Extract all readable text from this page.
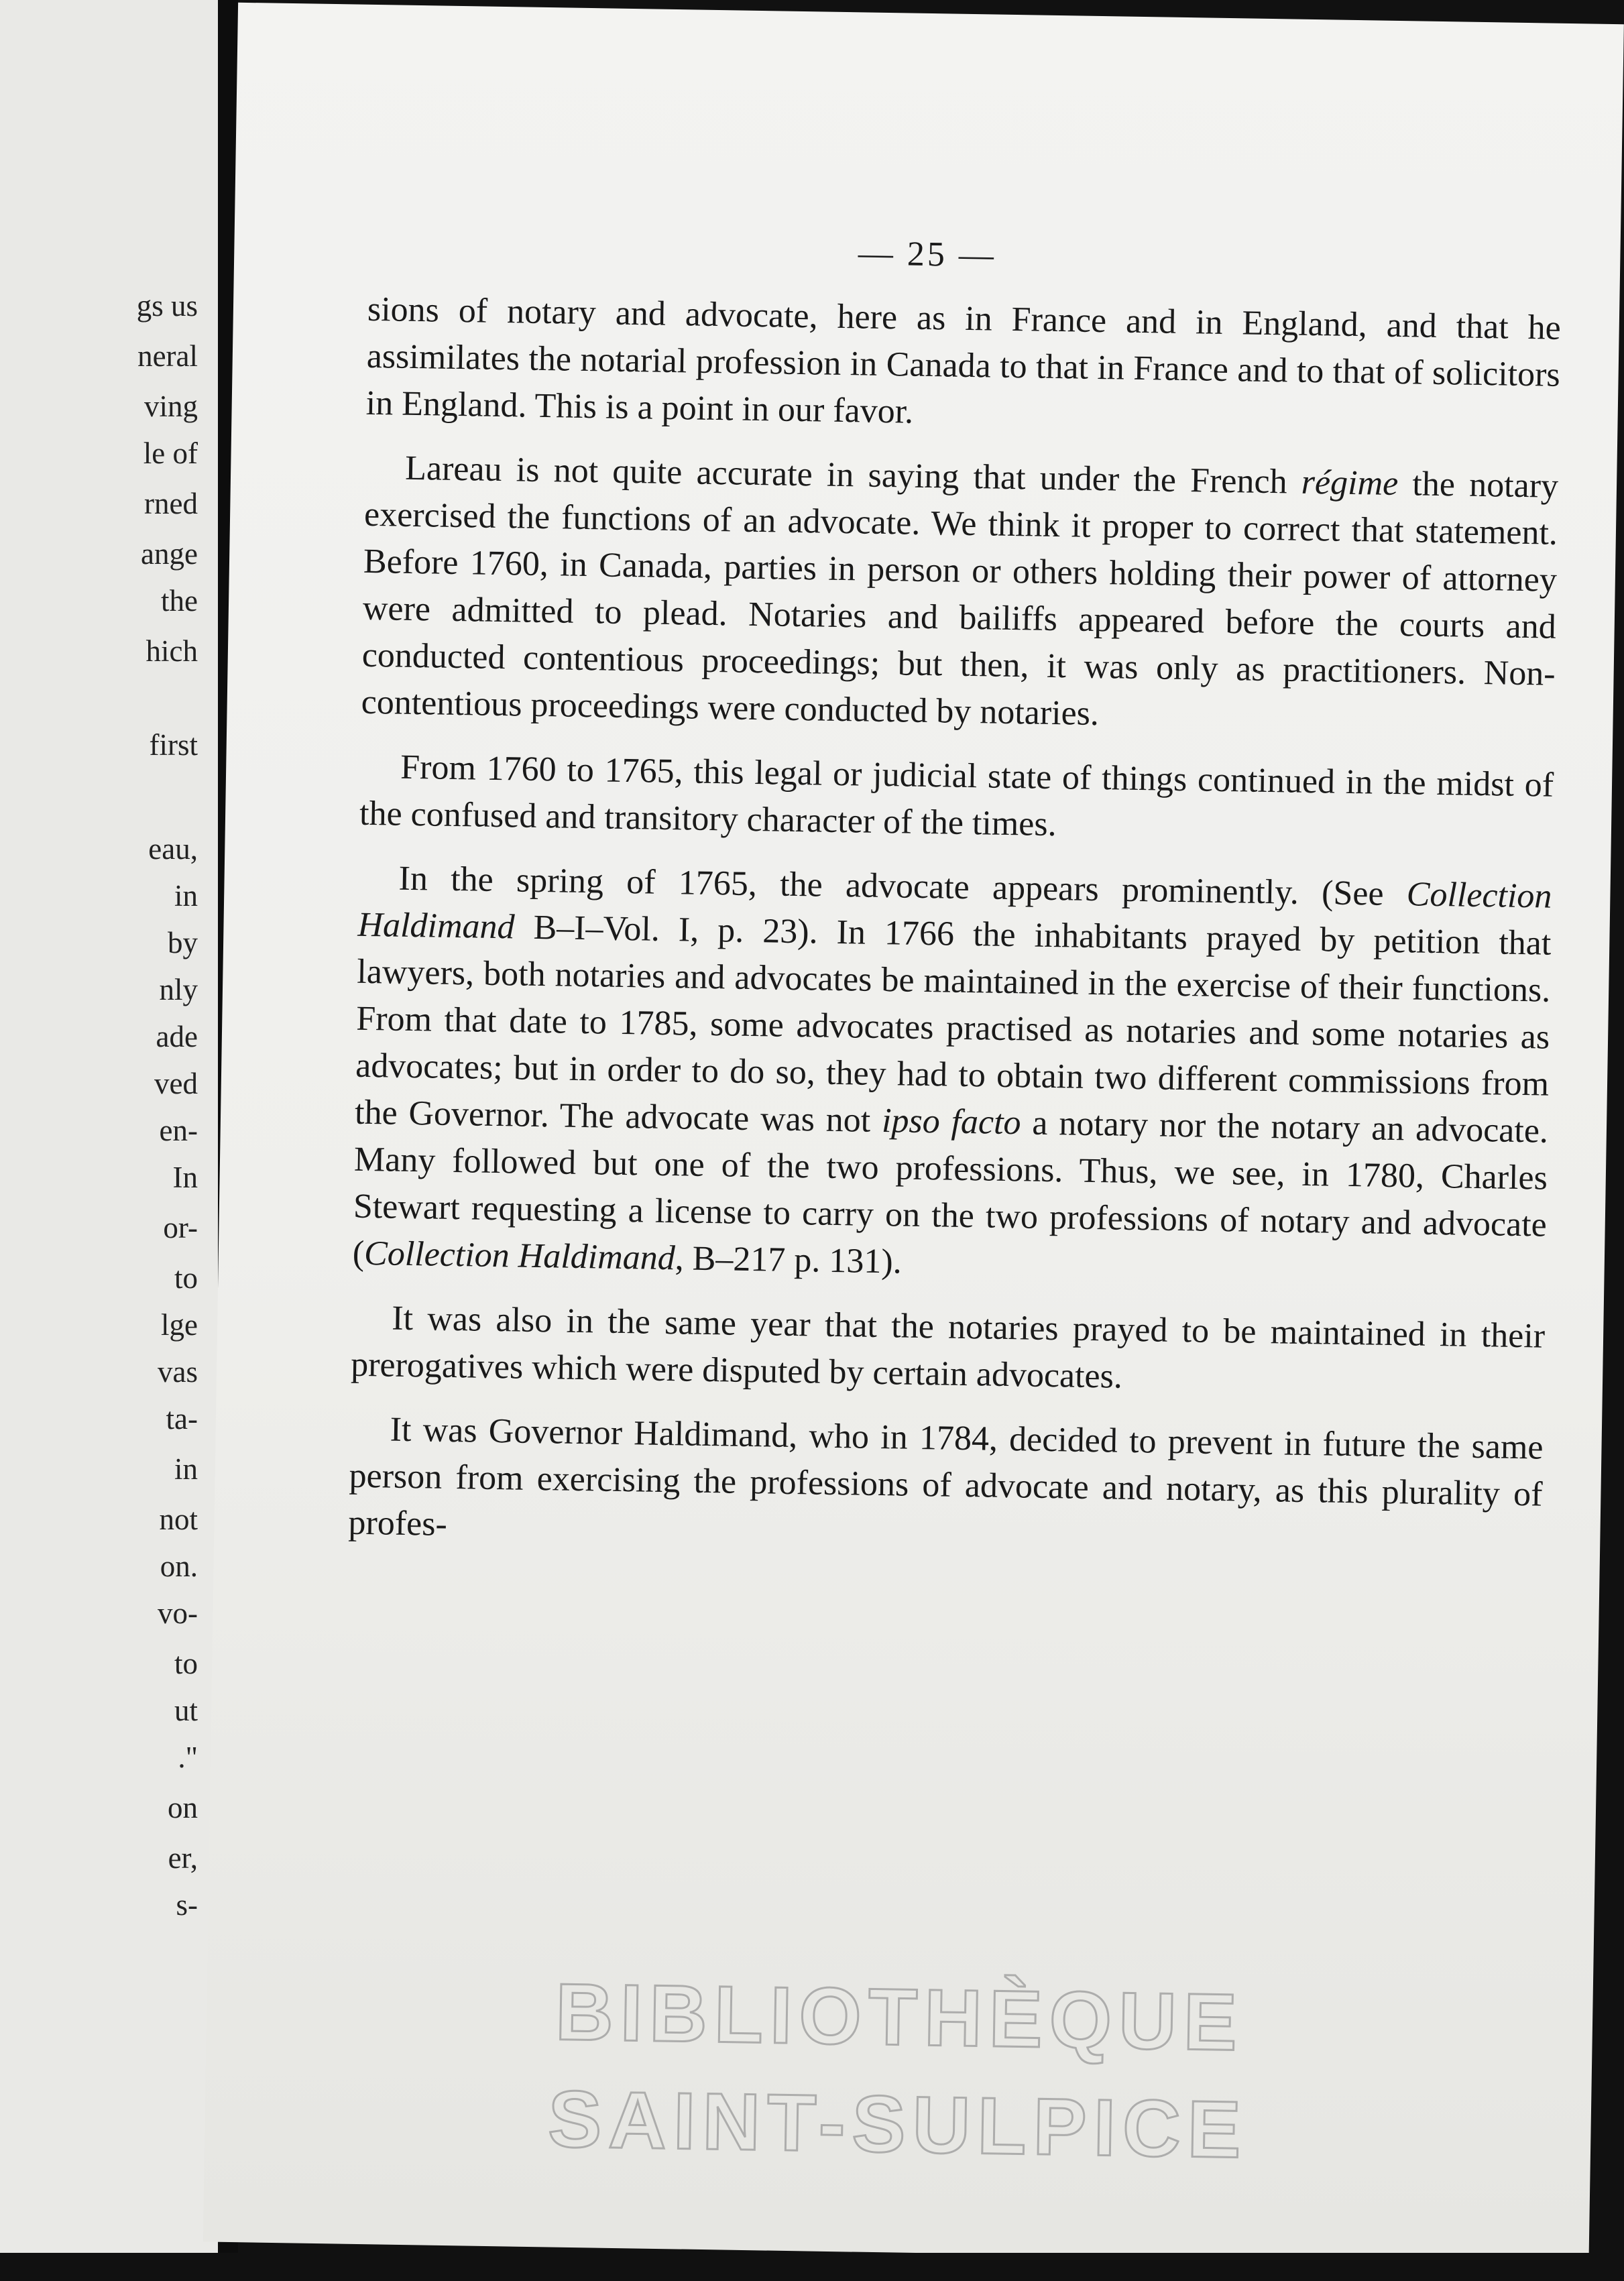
gs us
neral
ving
le of
rned
ange
the
hich
first
eau,
in
by
nly
ade
ved
en-
In
or-
to
lge
vas
ta-
in
not
on.
vo-
to
ut
."
on
er,
s-
— 25 —

sions of notary and advocate, here as in France and in England, and that he assimilates the notarial profession in Canada to that in France and to that of solicitors in England. This is a point in our favor.

Lareau is not quite accurate in saying that under the French régime the notary exercised the functions of an advocate. We think it proper to correct that statement. Before 1760, in Canada, parties in person or others holding their power of attorney were admitted to plead. Notaries and bailiffs appeared before the courts and conducted contentious proceedings; but then, it was only as practitioners. Non-contentious proceedings were conducted by notaries.

From 1760 to 1765, this legal or judicial state of things continued in the midst of the confused and transitory character of the times.

In the spring of 1765, the advocate appears prominently. (See Collection Haldimand B–I–Vol. I, p. 23). In 1766 the inhabitants prayed by petition that lawyers, both notaries and advocates be maintained in the exercise of their functions. From that date to 1785, some advocates practised as notaries and some notaries as advocates; but in order to do so, they had to obtain two different commissions from the Governor. The advocate was not ipso facto a notary nor the notary an advocate. Many followed but one of the two professions. Thus, we see, in 1780, Charles Stewart requesting a license to carry on the two professions of notary and advocate (Collection Haldimand, B–217 p. 131).

It was also in the same year that the notaries prayed to be maintained in their prerogatives which were disputed by certain advocates.

It was Governor Haldimand, who in 1784, decided to prevent in future the same person from exercising the professions of advocate and notary, as this plurality of profes-

BIBLIOTHÈQUE
SAINT-SULPICE
